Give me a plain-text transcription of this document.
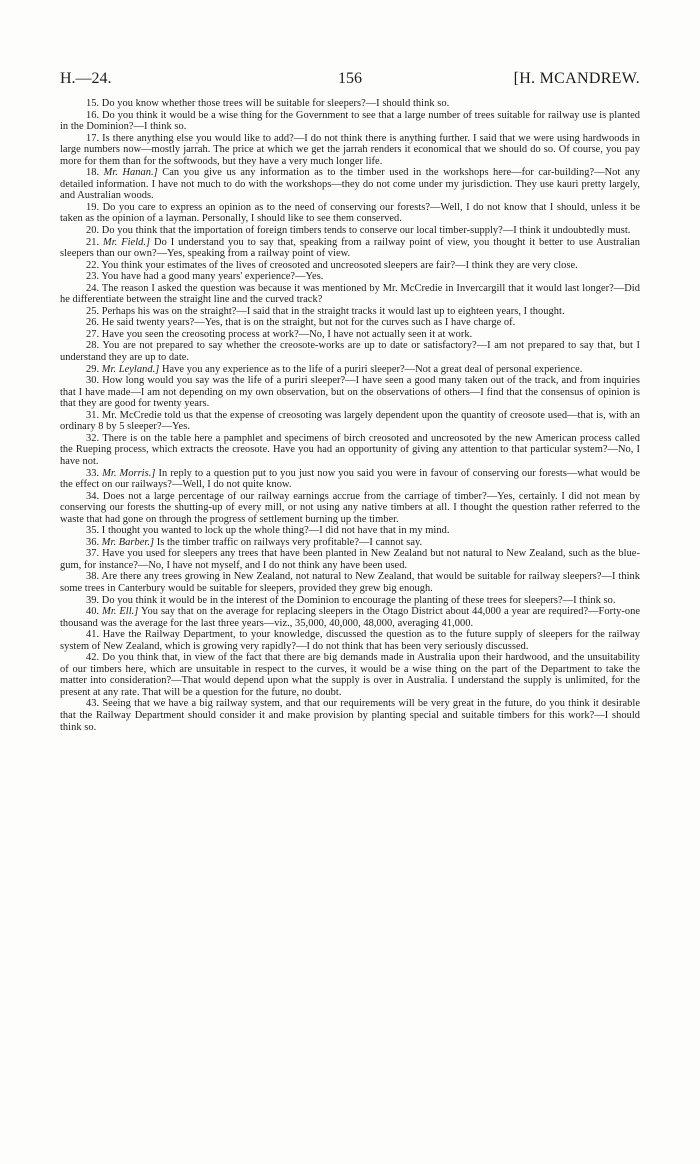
H.—24.	156	[H. MCANDREW.

15. Do you know whether those trees will be suitable for sleepers?—I should think so.

16. Do you think it would be a wise thing for the Government to see that a large number of trees suitable for railway use is planted in the Dominion?—I think so.

17. Is there anything else you would like to add?—I do not think there is anything further. I said that we were using hardwoods in large numbers now—mostly jarrah. The price at which we get the jarrah renders it economical that we should do so. Of course, you pay more for them than for the softwoods, but they have a very much longer life.

18. Mr. Hanan.] Can you give us any information as to the timber used in the workshops here—for car-building?—Not any detailed information. I have not much to do with the workshops—they do not come under my jurisdiction. They use kauri pretty largely, and Australian woods.

19. Do you care to express an opinion as to the need of conserving our forests?—Well, I do not know that I should, unless it be taken as the opinion of a layman. Personally, I should like to see them conserved.

20. Do you think that the importation of foreign timbers tends to conserve our local timber-supply?—I think it undoubtedly must.

21. Mr. Field.] Do I understand you to say that, speaking from a railway point of view, you thought it better to use Australian sleepers than our own?—Yes, speaking from a railway point of view.

22. You think your estimates of the lives of creosoted and uncreosoted sleepers are fair?—I think they are very close.

23. You have had a good many years' experience?—Yes.

24. The reason I asked the question was because it was mentioned by Mr. McCredie in Invercargill that it would last longer?—Did he differentiate between the straight line and the curved track?

25. Perhaps his was on the straight?—I said that in the straight tracks it would last up to eighteen years, I thought.

26. He said twenty years?—Yes, that is on the straight, but not for the curves such as I have charge of.

27. Have you seen the creosoting process at work?—No, I have not actually seen it at work.

28. You are not prepared to say whether the creosote-works are up to date or satisfactory?—I am not prepared to say that, but I understand they are up to date.

29. Mr. Leyland.] Have you any experience as to the life of a puriri sleeper?—Not a great deal of personal experience.

30. How long would you say was the life of a puriri sleeper?—I have seen a good many taken out of the track, and from inquiries that I have made—I am not depending on my own observation, but on the observations of others—I find that the consensus of opinion is that they are good for twenty years.

31. Mr. McCredie told us that the expense of creosoting was largely dependent upon the quantity of creosote used—that is, with an ordinary 8 by 5 sleeper?—Yes.

32. There is on the table here a pamphlet and specimens of birch creosoted and uncreosoted by the new American process called the Rueping process, which extracts the creosote. Have you had an opportunity of giving any attention to that particular system?—No, I have not.

33. Mr. Morris.] In reply to a question put to you just now you said you were in favour of conserving our forests—what would be the effect on our railways?—Well, I do not quite know.

34. Does not a large percentage of our railway earnings accrue from the carriage of timber?—Yes, certainly. I did not mean by conserving our forests the shutting-up of every mill, or not using any native timbers at all. I thought the question rather referred to the waste that had gone on through the progress of settlement burning up the timber.

35. I thought you wanted to lock up the whole thing?—I did not have that in my mind.

36. Mr. Barber.] Is the timber traffic on railways very profitable?—I cannot say.

37. Have you used for sleepers any trees that have been planted in New Zealand but not natural to New Zealand, such as the blue-gum, for instance?—No, I have not myself, and I do not think any have been used.

38. Are there any trees growing in New Zealand, not natural to New Zealand, that would be suitable for railway sleepers?—I think some trees in Canterbury would be suitable for sleepers, provided they grew big enough.

39. Do you think it would be in the interest of the Dominion to encourage the planting of these trees for sleepers?—I think so.

40. Mr. Ell.] You say that on the average for replacing sleepers in the Otago District about 44,000 a year are required?—Forty-one thousand was the average for the last three years—viz., 35,000, 40,000, 48,000, averaging 41,000.

41. Have the Railway Department, to your knowledge, discussed the question as to the future supply of sleepers for the railway system of New Zealand, which is growing very rapidly?—I do not think that has been very seriously discussed.

42. Do you think that, in view of the fact that there are big demands made in Australia upon their hardwood, and the unsuitability of our timbers here, which are unsuitable in respect to the curves, it would be a wise thing on the part of the Department to take the matter into consideration?—That would depend upon what the supply is over in Australia. I understand the supply is unlimited, for the present at any rate. That will be a question for the future, no doubt.

43. Seeing that we have a big railway system, and that our requirements will be very great in the future, do you think it desirable that the Railway Department should consider it and make provision by planting special and suitable timbers for this work?—I should think so.
